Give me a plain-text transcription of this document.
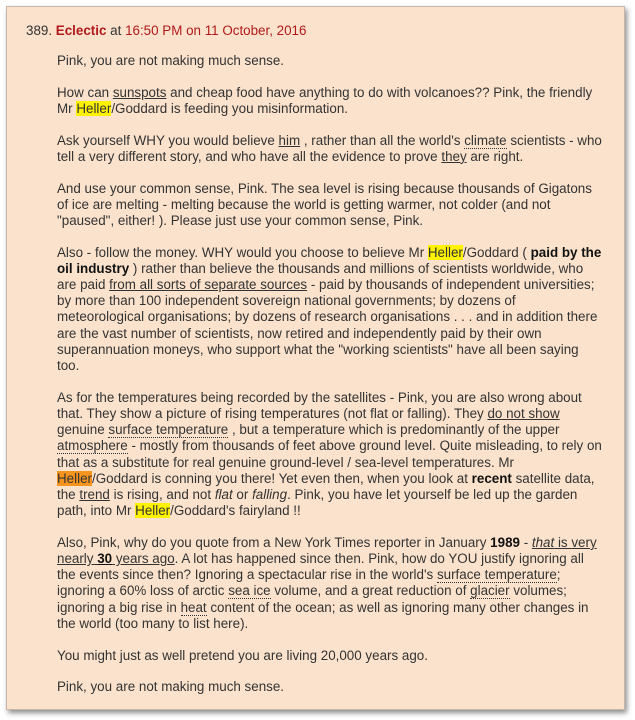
389. Eclectic at 16:50 PM on 11 October, 2016

Pink, you are not making much sense.

How can sunspots and cheap food have anything to do with volcanoes?? Pink, the friendly Mr Heller/Goddard is feeding you misinformation.

Ask yourself WHY you would believe him , rather than all the world's climate scientists - who tell a very different story, and who have all the evidence to prove they are right.

And use your common sense, Pink. The sea level is rising because thousands of Gigatons of ice are melting - melting because the world is getting warmer, not colder (and not "paused", either! ). Please just use your common sense, Pink.

Also - follow the money. WHY would you choose to believe Mr Heller/Goddard ( paid by the oil industry ) rather than believe the thousands and millions of scientists worldwide, who are paid from all sorts of separate sources - paid by thousands of independent universities; by more than 100 independent sovereign national governments; by dozens of meteorological organisations; by dozens of research organisations . . . and in addition there are the vast number of scientists, now retired and independently paid by their own superannuation moneys, who support what the "working scientists" have all been saying too.

As for the temperatures being recorded by the satellites - Pink, you are also wrong about that. They show a picture of rising temperatures (not flat or falling). They do not show genuine surface temperature , but a temperature which is predominantly of the upper atmosphere - mostly from thousands of feet above ground level. Quite misleading, to rely on that as a substitute for real genuine ground-level / sea-level temperatures. Mr Heller/Goddard is conning you there! Yet even then, when you look at recent satellite data, the trend is rising, and not flat or falling. Pink, you have let yourself be led up the garden path, into Mr Heller/Goddard's fairyland !!

Also, Pink, why do you quote from a New York Times reporter in January 1989 - that is very nearly 30 years ago. A lot has happened since then. Pink, how do YOU justify ignoring all the events since then? Ignoring a spectacular rise in the world's surface temperature; ignoring a 60% loss of arctic sea ice volume, and a great reduction of glacier volumes; ignoring a big rise in heat content of the ocean; as well as ignoring many other changes in the world (too many to list here).

You might just as well pretend you are living 20,000 years ago.

Pink, you are not making much sense.
